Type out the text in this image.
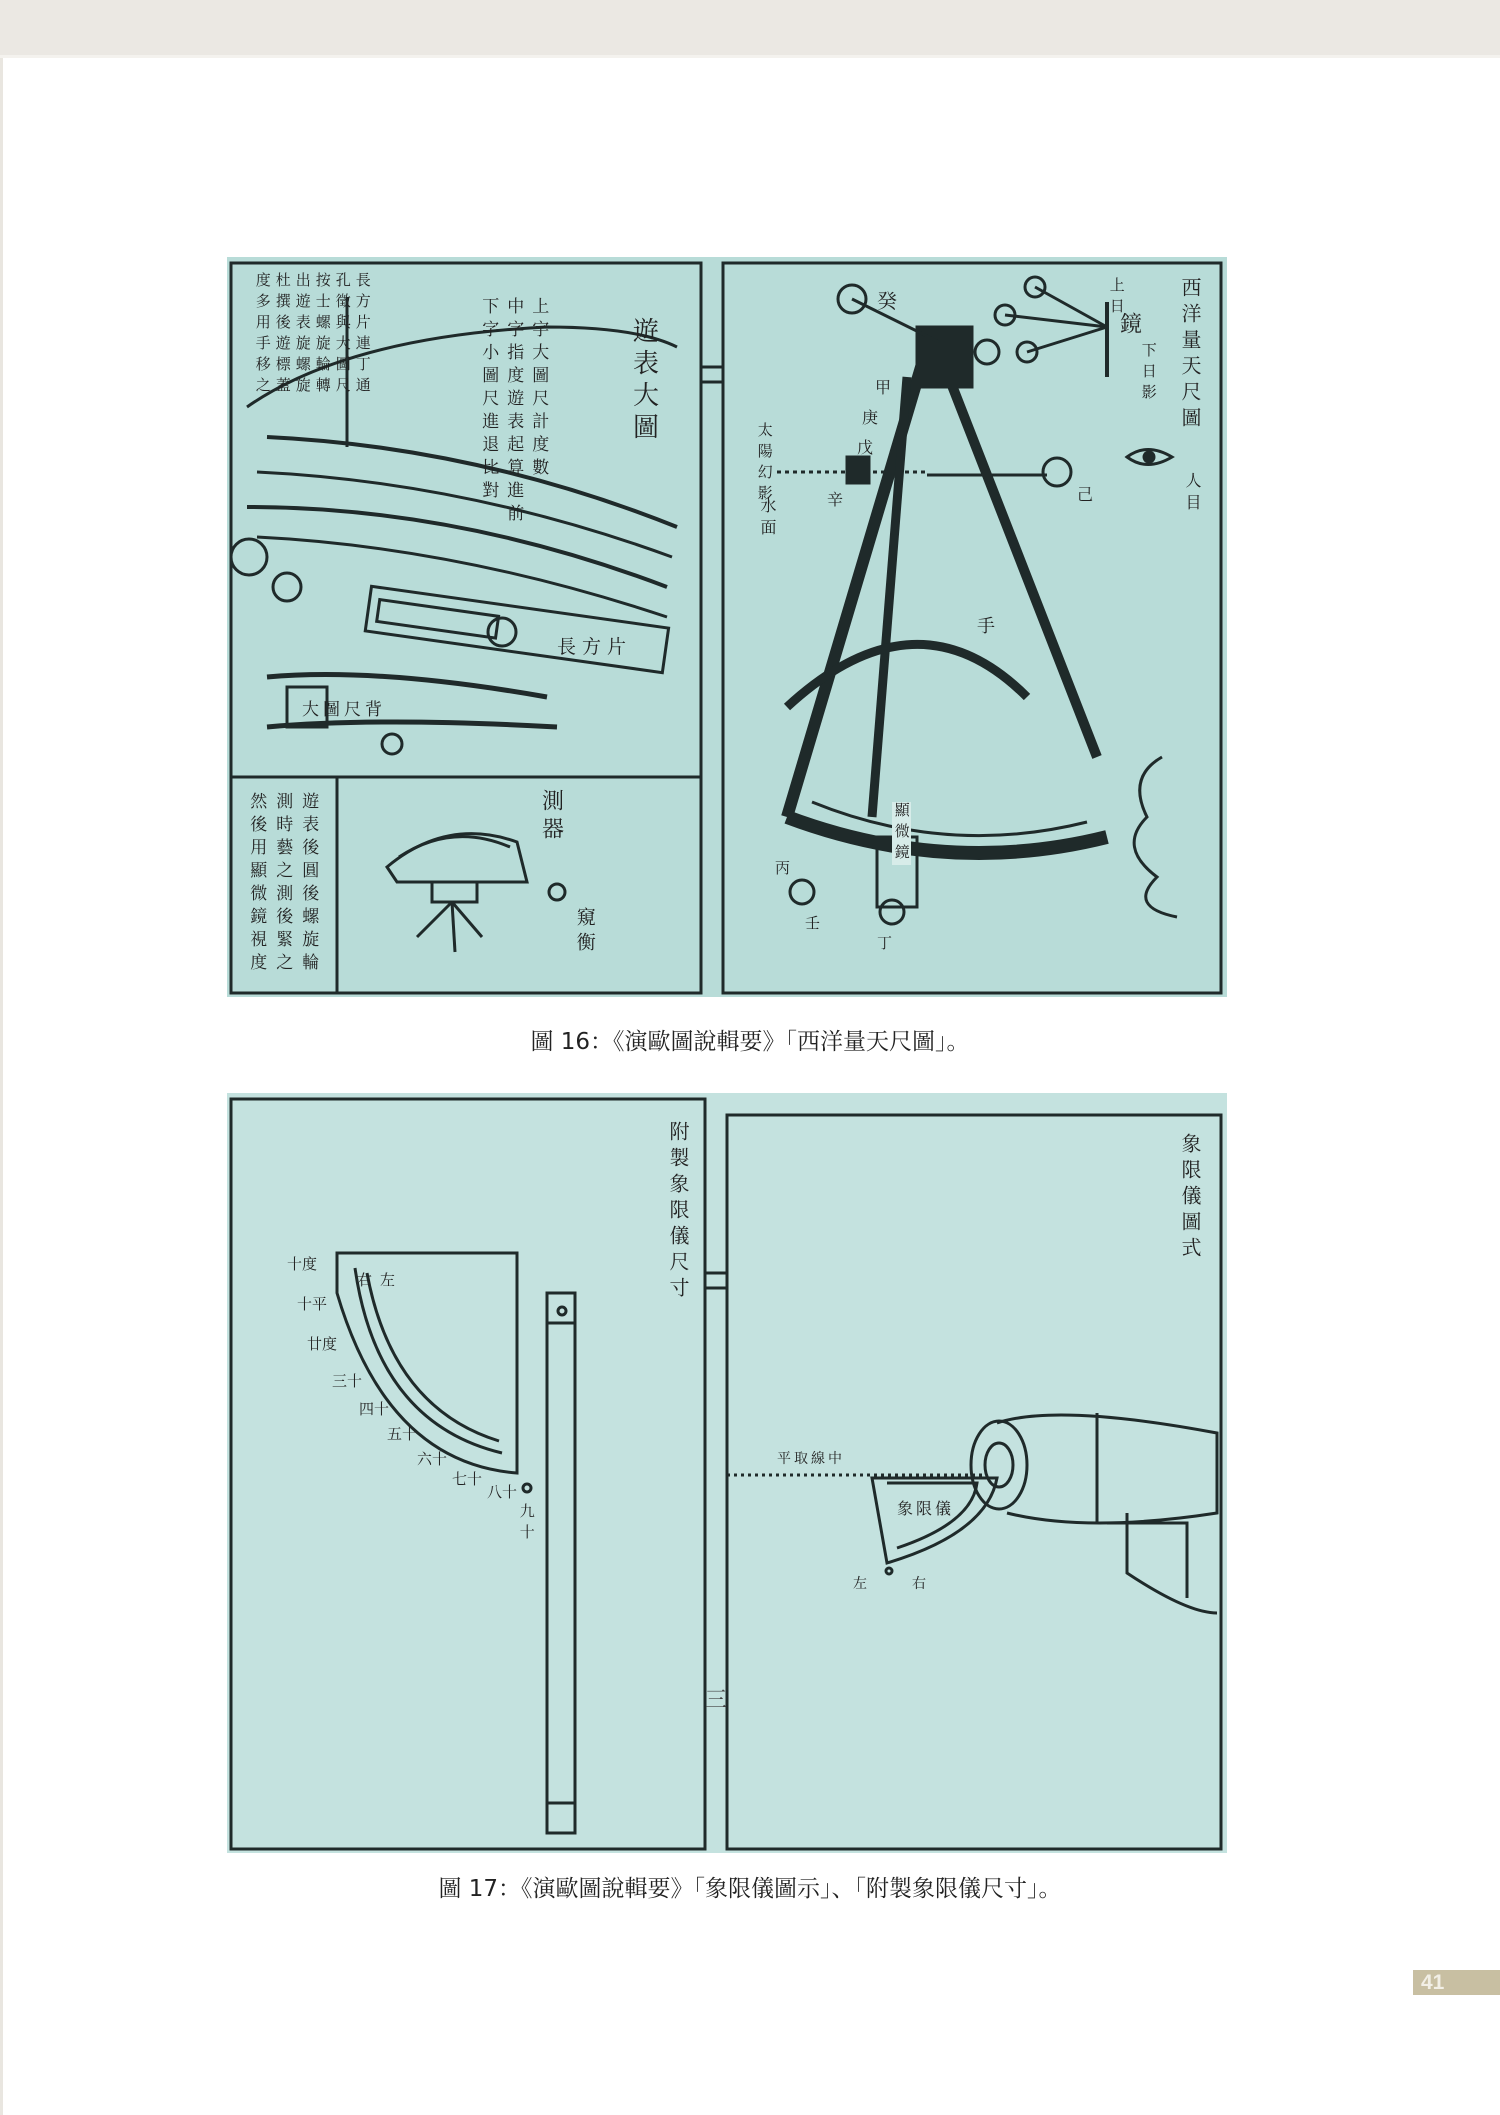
遊表大圖
上字大圖尺計度數
中字指度遊表起算進前
下字小圖尺進退比對
長方片連丁通
孔徵與大圖尺
按士螺旋輪轉
出遊表旋螺旋
杜撰後遊標蓋
度多用手移之
長方片
大圖尺背
測器
遊表後圓後螺旋輪
測時藝之測後緊之
然後用顯微鏡視度	窺衡
西洋量天尺圖
癸
鏡
上日
下日影
太陽幻影
水面
人目
手
顯微鏡
甲
庚
戊
辛	己
壬
丁
丙
圖 16：《演歐圖說輯要》「西洋量天尺圖」。
附製象限儀尺寸
右 左
十度
十平
廿度
三十
四十
五十
六十
七十
八十
九十
三
象限儀圖式
平取線中
象限儀
左	右
圖 17：《演歐圖說輯要》「象限儀圖示」、「附製象限儀尺寸」。
41
